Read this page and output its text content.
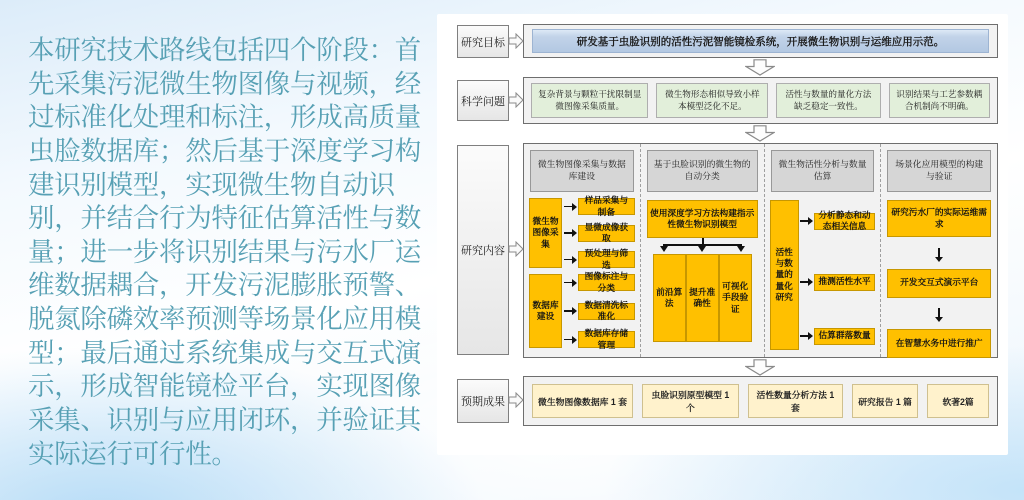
本研究技术路线包括四个阶段：首先采集污泥微生物图像与视频，经过标准化处理和标注，形成高质量虫脸数据库；然后基于深度学习构建识别模型，实现微生物自动识别，并结合行为特征估算活性与数量；进一步将识别结果与污水厂运维数据耦合，开发污泥膨胀预警、脱氮除磷效率预测等场景化应用模型；最后通过系统集成与交互式演示，形成智能镜检平台，实现图像采集、识别与应用闭环，并验证其实际运行可行性。
研究目标
科学问题
研究内容
预期成果
研发基于虫脸识别的活性污泥智能镜检系统，开展微生物识别与运维应用示范。
复杂背景与颗粒干扰限制显微图像采集质量。
微生物形态相似导致小样本模型泛化不足。
活性与数量的量化方法缺乏稳定一致性。
识别结果与工艺参数耦合机制尚不明确。
微生物图像采集与数据库建设
微生物图像采集
样品采集与制备
显微成像获取
预处理与筛选
数据库建设
图像标注与分类
数据清洗标准化
数据库存储管理
基于虫脸识别的微生物的自动分类
使用深度学习方法构建指示性微生物识别模型
前沿算法
提升准确性
可视化手段验证
微生物活性分析与数量估算
活性与数量的量化研究
分析静态和动态相关信息
推测活性水平
估算群落数量
场景化应用模型的构建与验证
研究污水厂的实际运维需求
开发交互式演示平台
在智慧水务中进行推广
微生物图像数据库 1 套
虫脸识别原型模型 1 个
活性数量分析方法 1 套
研究报告 1 篇	软著2篇
